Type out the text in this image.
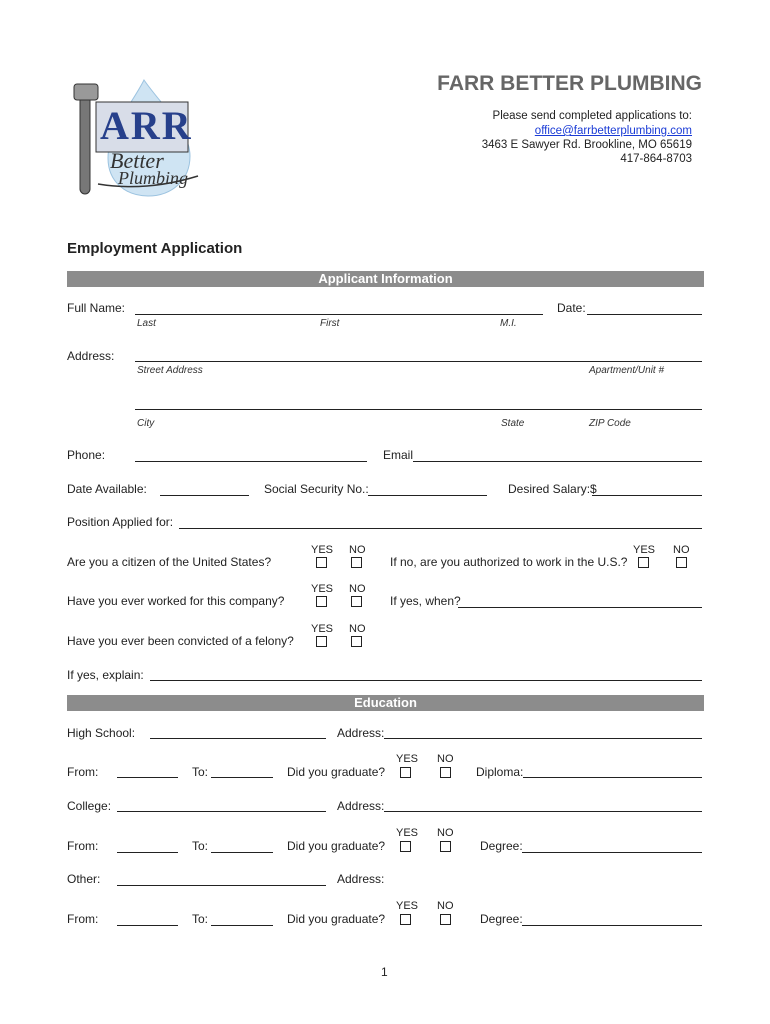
ARR
Better
Plumbing
FARR BETTER PLUMBING
Please send completed applications to:
office@farrbetterplumbing.com
3463 E Sawyer Rd. Brookline, MO 65619
417-864-8703
Employment Application
Applicant Information
Full Name:	Date:
Last	First	M.I.
Address:
Street Address	Apartment/Unit #
City	State	ZIP Code
Phone:	Email
Date Available:	Social Security No.:	Desired Salary:$
Position Applied for:
YES NO
Are you a citizen of the United States?
YES NO
If no, are you authorized to work in the U.S.?
YES NO
Have you ever worked for this company?	If yes, when?
YES NO
Have you ever been convicted of a felony?
If yes, explain:
Education
High School:	Address:
YES NO
From:	To:	Did you graduate?	Diploma:
College:	Address:
YES NO
From:	To:	Did you graduate?	Degree:
Other:	Address:
YES NO
From:	To:	Did you graduate?	Degree:
1
